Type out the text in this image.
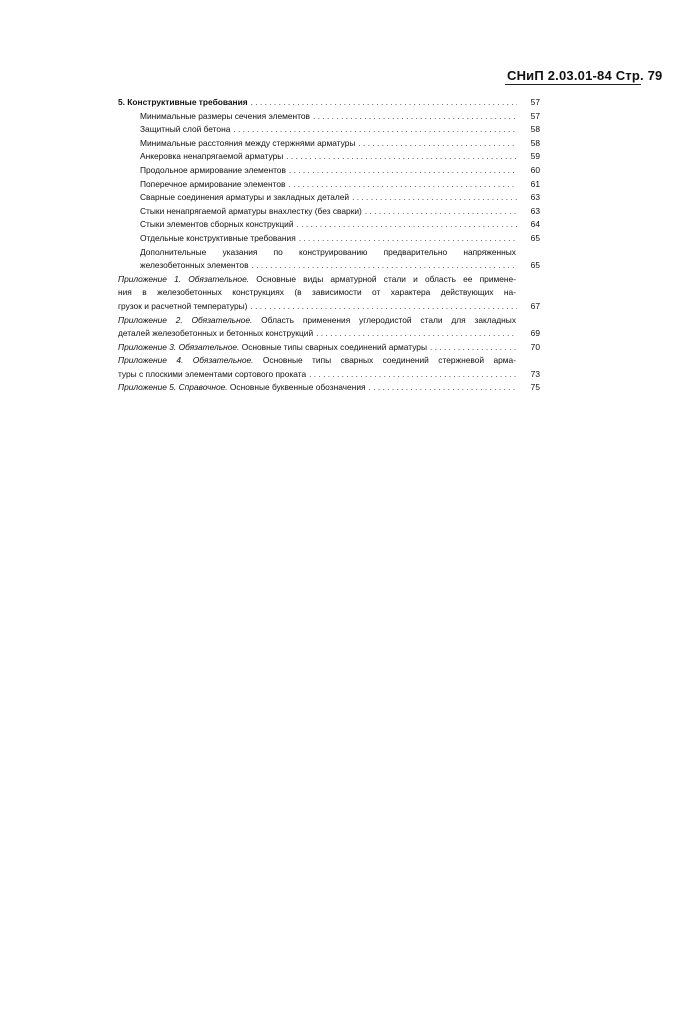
СНиП 2.03.01-84 Стр. 79
5. Конструктивные требования . . .	57
Минимальные размеры сечения элементов . . .	57
Защитный слой бетона . . .	58
Минимальные расстояния между стержнями арматуры . . .	58
Анкеровка ненапрягаемой арматуры . . .	59
Продольное армирование элементов . . .	60
Поперечное армирование элементов . . .	61
Сварные соединения арматуры и закладных деталей . . .	63
Стыки ненапрягаемой арматуры внахлестку (без сварки) . . .	63
Стыки элементов сборных конструкций . . .	64
Отдельные конструктивные требования . . .	65
Дополнительные указания по конструированию предварительно напряженных
железобетонных элементов . . .	65
Приложение 1. Обязательное. Основные виды арматурной стали и область ее примене-
ния в железобетонных конструкциях (в зависимости от характера действующих на-
грузок и расчетной температуры) . . .	67
Приложение 2. Обязательное. Область применения углеродистой стали для закладных
деталей железобетонных и бетонных конструкций . . .	69
Приложение 3. Обязательное. Основные типы сварных соединений арматуры . . .	70
Приложение 4. Обязательное. Основные типы сварных соединений стержневой арма-
туры с плоскими элементами сортового проката . . .	73
Приложение 5. Справочное. Основные буквенные обозначения . . .	75
